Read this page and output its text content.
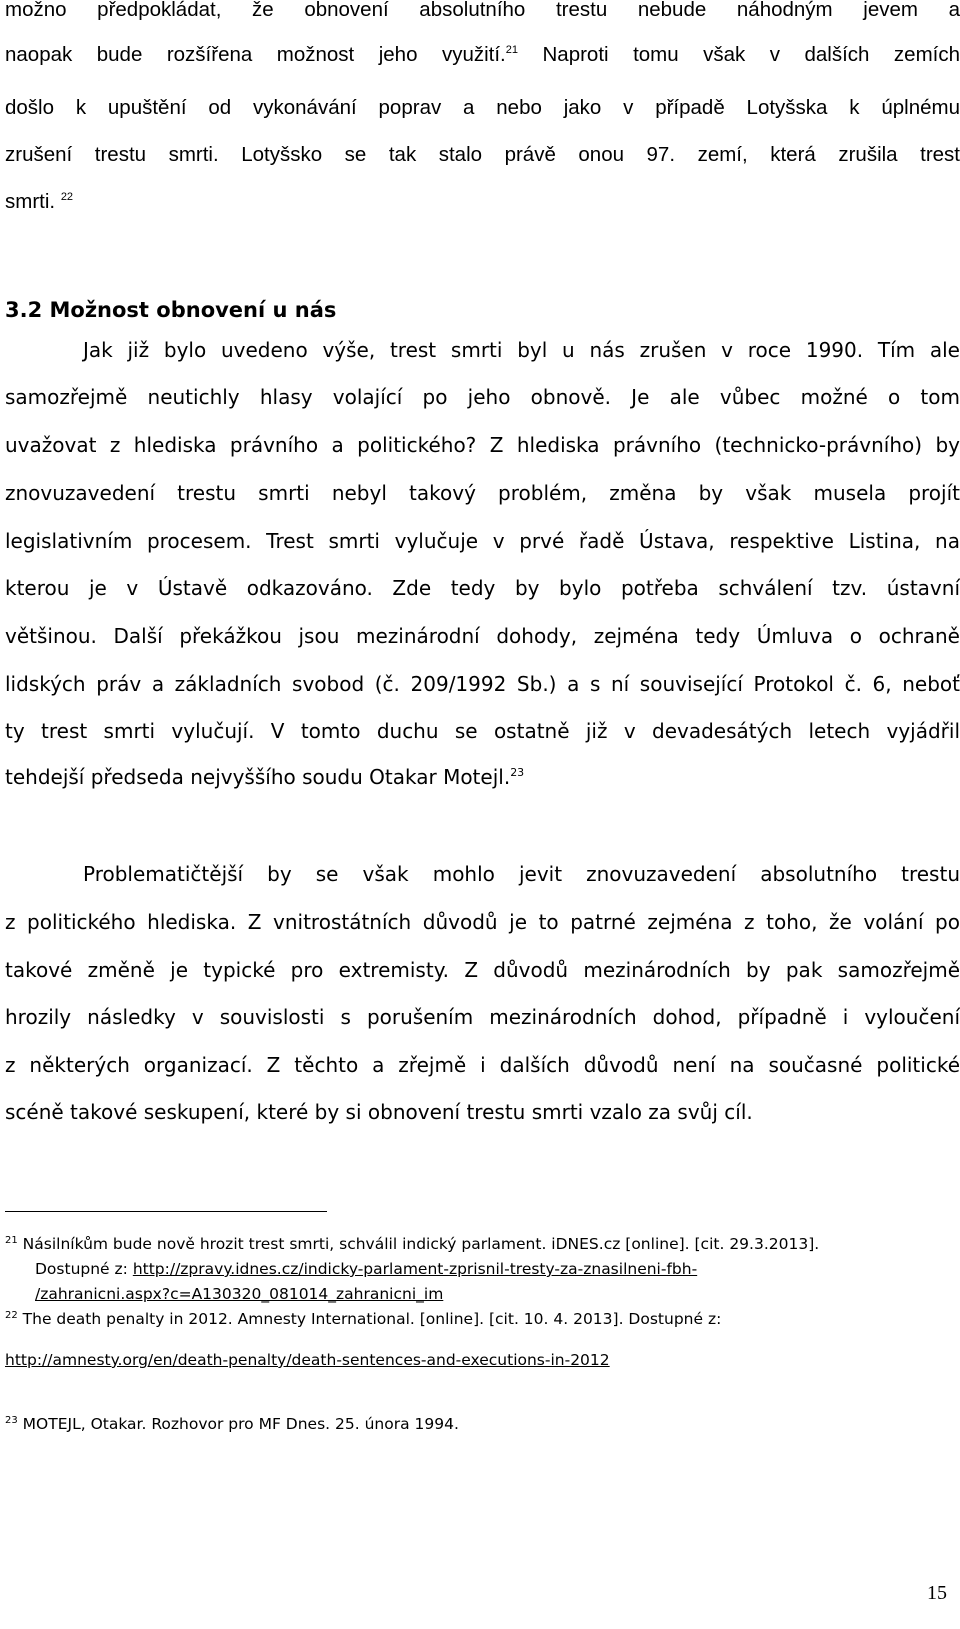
možno předpokládat, že obnovení absolutního trestu nebude náhodným jevem a
naopak bude rozšířena možnost jeho využití.$^{21}$ Naproti tomu však v dalších zemích
došlo k upuštění od vykonávání poprav a nebo jako v případě Lotyšska k úplnému
zrušení trestu smrti. Lotyšsko se tak stalo právě onou 97. zemí, která zrušila trest
smrti. $^{22}$
3.2 Možnost obnovení u nás
Jak již bylo uvedeno výše, trest smrti byl u nás zrušen v roce 1990. Tím ale
samozřejmě neutichly hlasy volající po jeho obnově. Je ale vůbec možné o tom
uvažovat z hlediska právního a politického? Z hlediska právního (technicko-právního) by
znovuzavedení trestu smrti nebyl takový problém, změna by však musela projít
legislativním procesem. Trest smrti vylučuje v prvé řadě Ústava, respektive Listina, na
kterou je v Ústavě odkazováno. Zde tedy by bylo potřeba schválení tzv. ústavní
většinou. Další překážkou jsou mezinárodní dohody, zejména tedy Úmluva o ochraně
lidských práv a základních svobod (č. 209/1992 Sb.) a s ní související Protokol č. 6, neboť
ty trest smrti vylučují. V tomto duchu se ostatně již v devadesátých letech vyjádřil
tehdejší předseda nejvyššího soudu Otakar Motejl.$^{23}$
Problematičtější by se však mohlo jevit znovuzavedení absolutního trestu
z politického hlediska. Z vnitrostátních důvodů je to patrné zejména z toho, že volání po
takové změně je typické pro extremisty. Z důvodů mezinárodních by pak samozřejmě
hrozily následky v souvislosti s porušením mezinárodních dohod, případně i vyloučení
z některých organizací. Z těchto a zřejmě i dalších důvodů není na současné politické
scéně takové seskupení, které by si obnovení trestu smrti vzalo za svůj cíl.
$^{21}$ Násilníkům bude nově hrozit trest smrti, schválil indický parlament. iDNES.cz [online]. [cit. 29.3.2013].
Dostupné z: http://zpravy.idnes.cz/indicky-parlament-zprisnil-tresty-za-znasilneni-fbh-
/zahranicni.aspx?c=A130320_081014_zahranicni_im
$^{22}$ The death penalty in 2012. Amnesty International. [online]. [cit. 10. 4. 2013]. Dostupné z:
http://amnesty.org/en/death-penalty/death-sentences-and-executions-in-2012
$^{23}$ MOTEJL, Otakar. Rozhovor pro MF Dnes. 25. února 1994.
15
